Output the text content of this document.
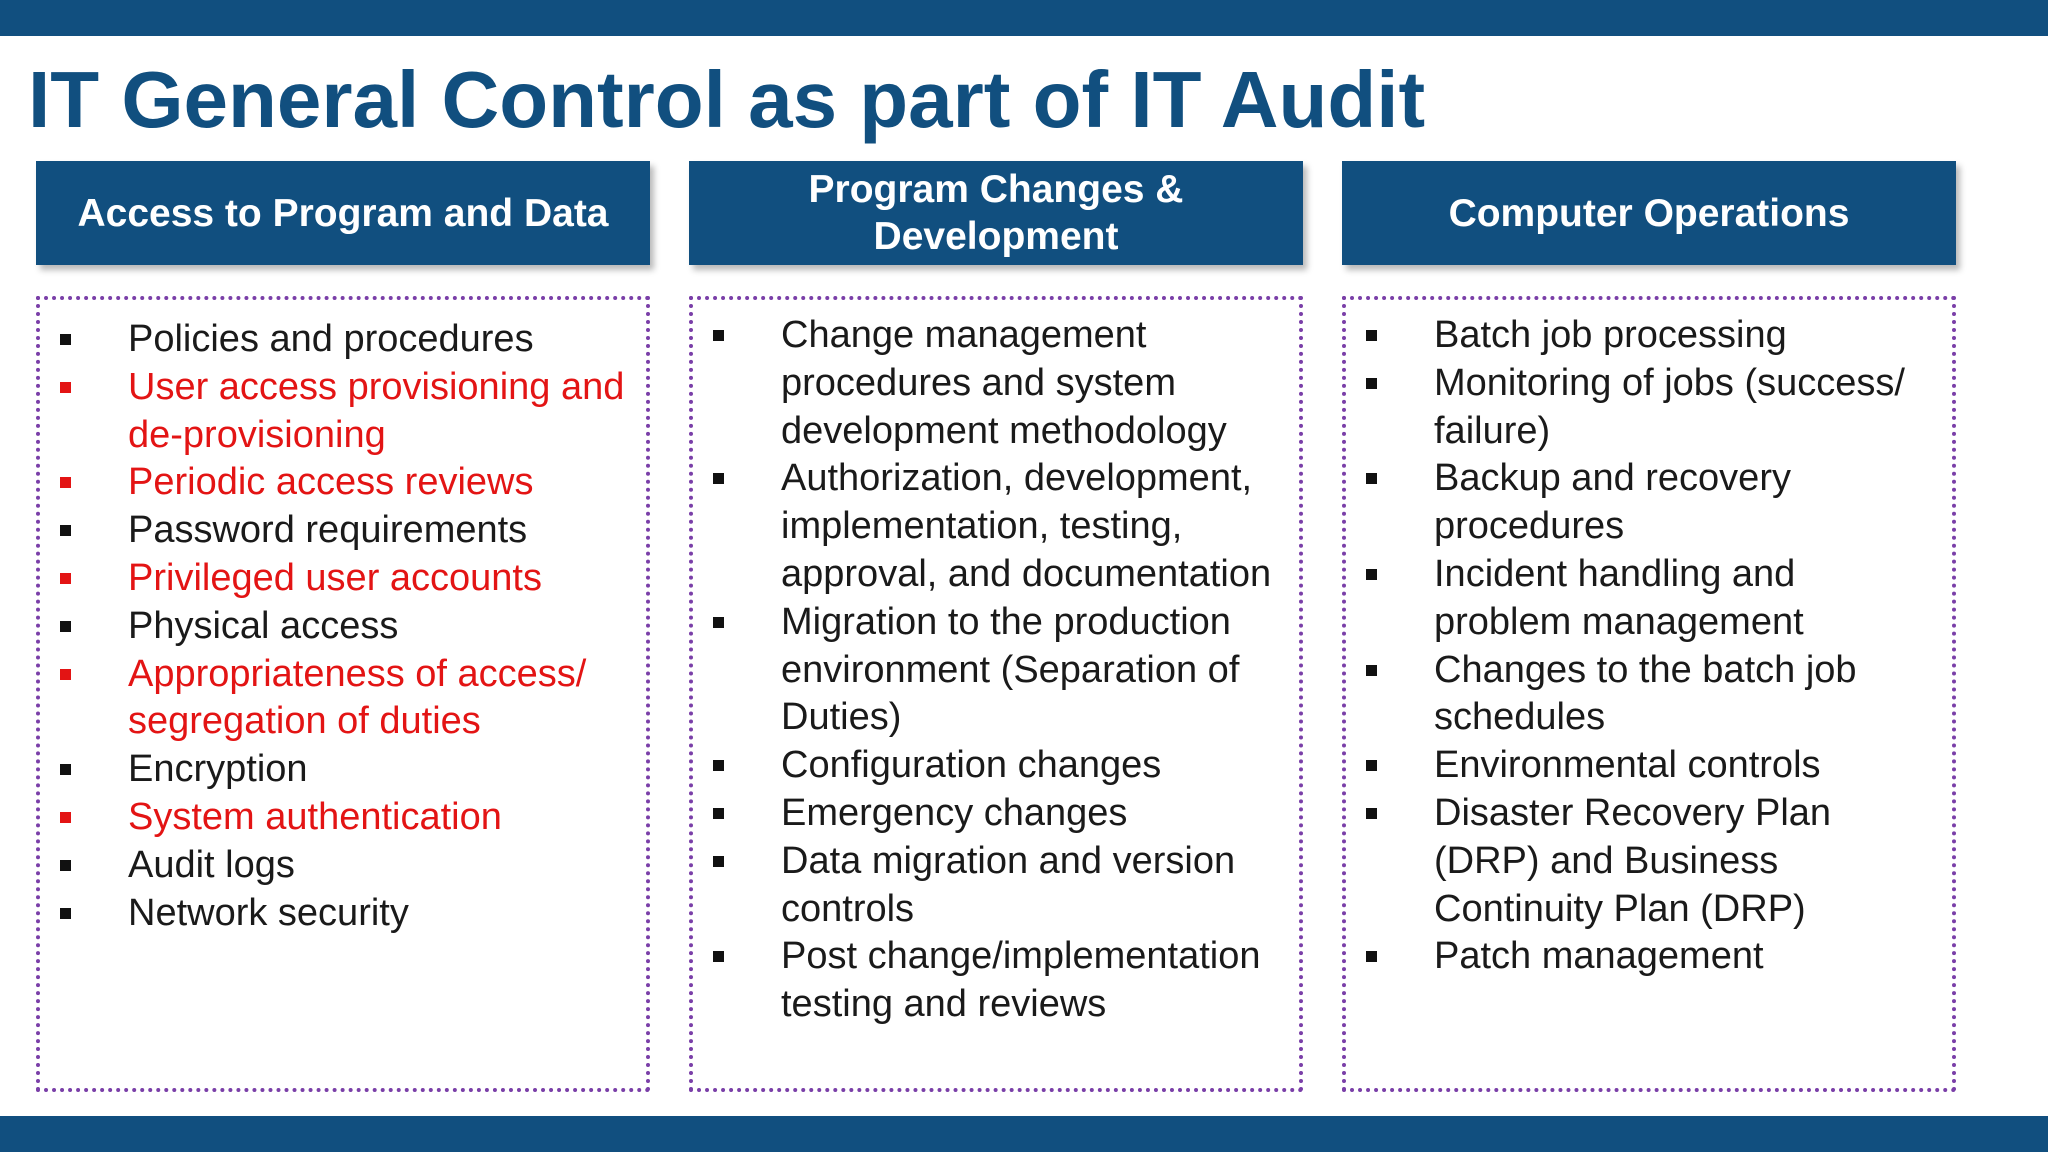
IT General Control as part of IT Audit
Access to Program and Data
Program Changes & Development
Computer Operations
Policies and procedures
User access provisioning and de-provisioning
Periodic access reviews
Password requirements
Privileged user accounts
Physical access
Appropriateness of access/ segregation of duties
Encryption
System authentication
Audit logs
Network security
Change management procedures and system development methodology
Authorization, development, implementation, testing, approval, and documentation
Migration to the production environment (Separation of Duties)
Configuration changes
Emergency changes
Data migration and version controls
Post change/implementation testing and reviews
Batch job processing
Monitoring of jobs (success/ failure)
Backup and recovery procedures
Incident handling and problem management
Changes to the batch job schedules
Environmental controls
Disaster Recovery Plan (DRP) and Business Continuity Plan (DRP)
Patch management
